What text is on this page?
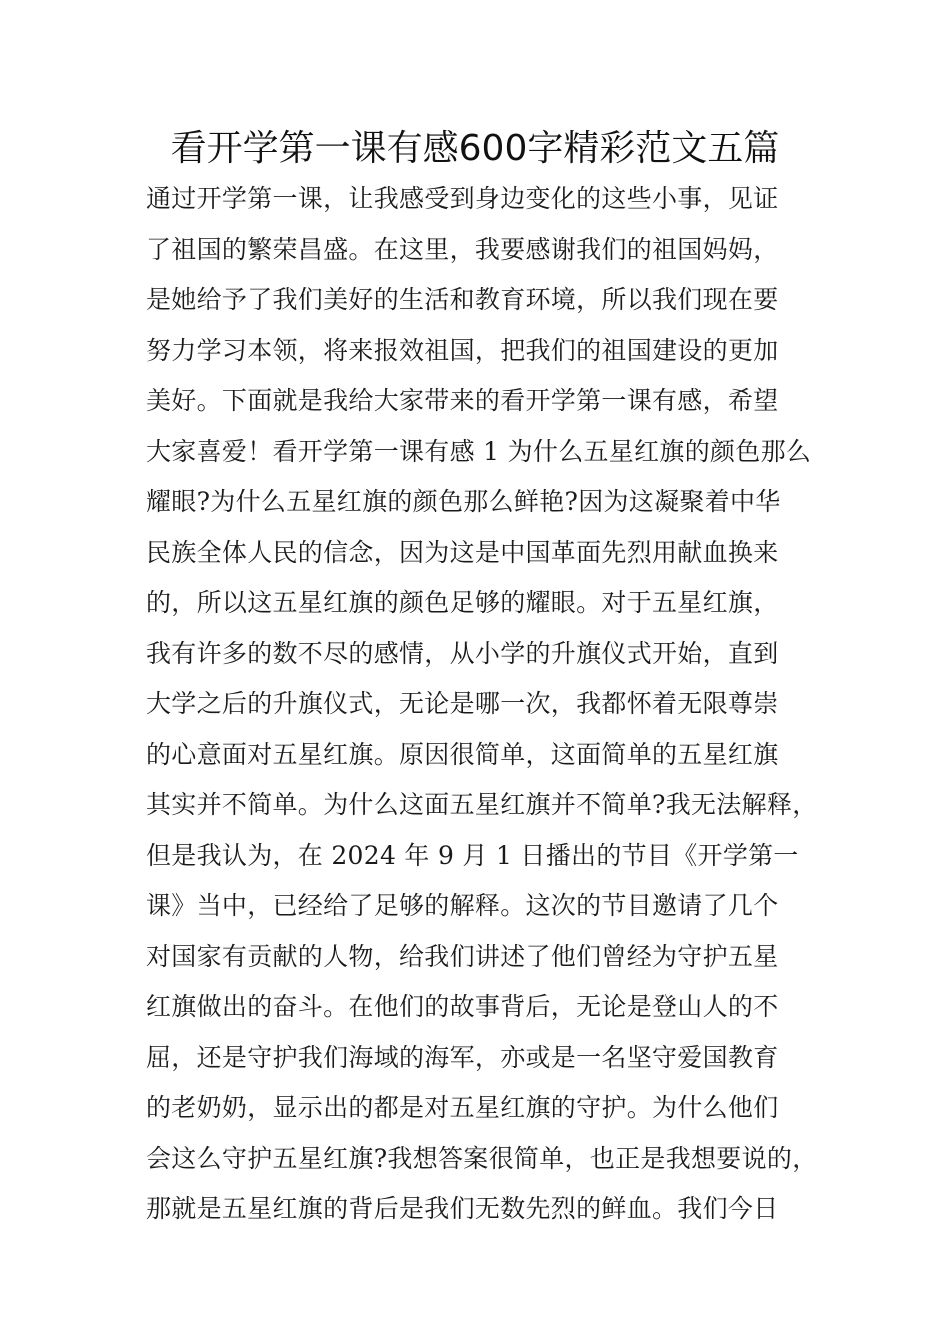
看开学第一课有感600字精彩范文五篇
通过开学第一课，让我感受到身边变化的这些小事，见证
了祖国的繁荣昌盛。在这里，我要感谢我们的祖国妈妈，
是她给予了我们美好的生活和教育环境，所以我们现在要
努力学习本领，将来报效祖国，把我们的祖国建设的更加
美好。下面就是我给大家带来的看开学第一课有感，希望
大家喜爱！看开学第一课有感 1 为什么五星红旗的颜色那么
耀眼?为什么五星红旗的颜色那么鲜艳?因为这凝聚着中华
民族全体人民的信念，因为这是中国革面先烈用献血换来
的，所以这五星红旗的颜色足够的耀眼。对于五星红旗，
我有许多的数不尽的感情，从小学的升旗仪式开始，直到
大学之后的升旗仪式，无论是哪一次，我都怀着无限尊崇
的心意面对五星红旗。原因很简单，这面简单的五星红旗
其实并不简单。为什么这面五星红旗并不简单?我无法解释，
但是我认为，在 2024 年 9 月 1 日播出的节目《开学第一
课》当中，已经给了足够的解释。这次的节目邀请了几个
对国家有贡献的人物，给我们讲述了他们曾经为守护五星
红旗做出的奋斗。在他们的故事背后，无论是登山人的不
屈，还是守护我们海域的海军，亦或是一名坚守爱国教育
的老奶奶，显示出的都是对五星红旗的守护。为什么他们
会这么守护五星红旗?我想答案很简单，也正是我想要说的，
那就是五星红旗的背后是我们无数先烈的鲜血。我们今日
